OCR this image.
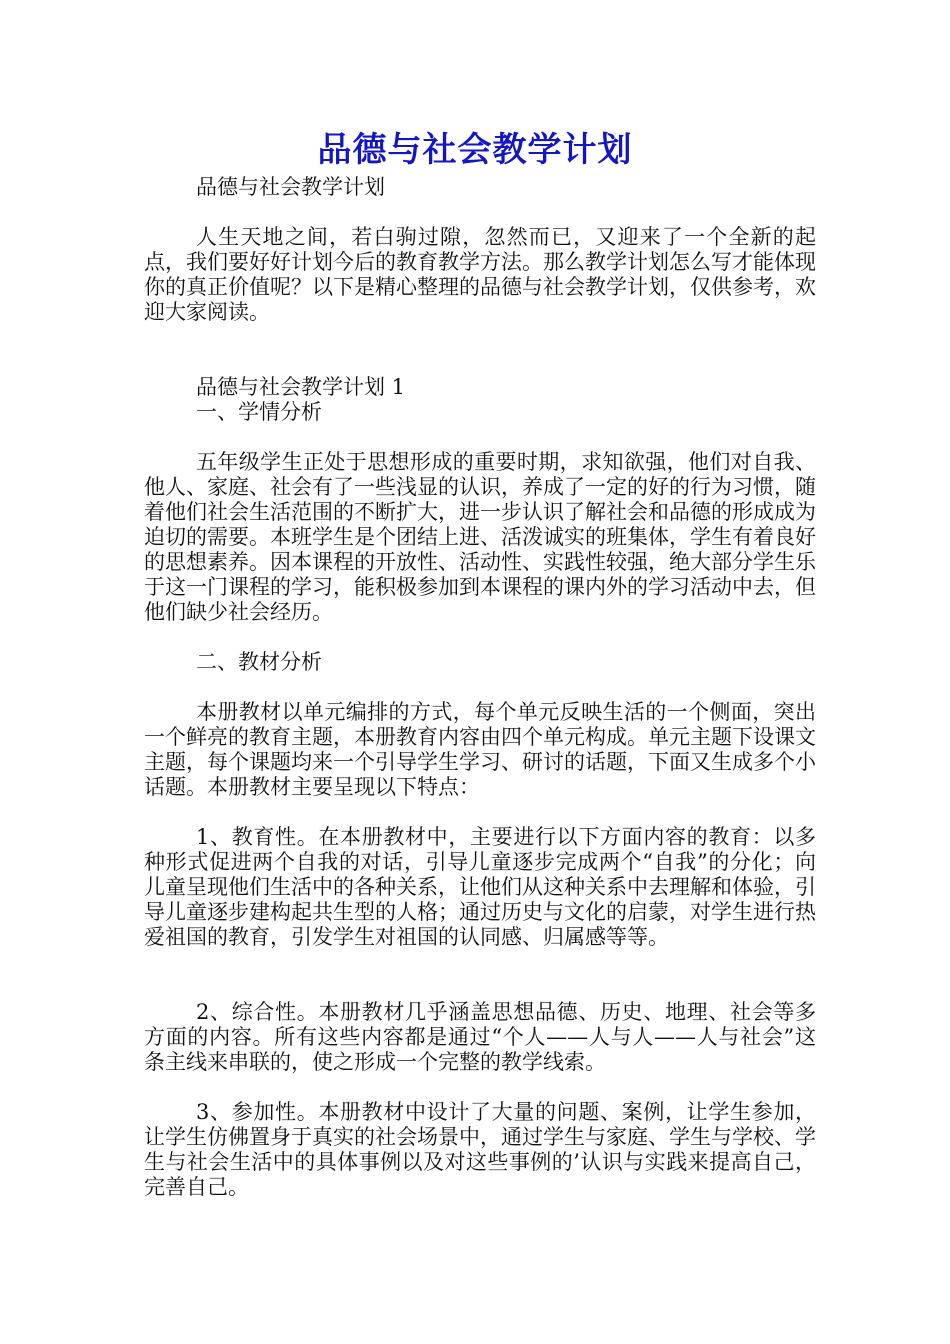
品德与社会教学计划

品德与社会教学计划

人生天地之间，若白驹过隙，忽然而已，又迎来了一个全新的起点，我们要好好计划今后的教育教学方法。那么教学计划怎么写才能体现你的真正价值呢？以下是精心整理的品德与社会教学计划，仅供参考，欢迎大家阅读。

品德与社会教学计划 1

一、学情分析

五年级学生正处于思想形成的重要时期，求知欲强，他们对自我、他人、家庭、社会有了一些浅显的认识，养成了一定的好的行为习惯，随着他们社会生活范围的不断扩大，进一步认识了解社会和品德的形成成为迫切的需要。本班学生是个团结上进、活泼诚实的班集体，学生有着良好的思想素养。因本课程的开放性、活动性、实践性较强，绝大部分学生乐于这一门课程的学习，能积极参加到本课程的课内外的学习活动中去，但他们缺少社会经历。

二、教材分析

本册教材以单元编排的方式，每个单元反映生活的一个侧面，突出一个鲜亮的教育主题，本册教育内容由四个单元构成。单元主题下设课文主题，每个课题均来一个引导学生学习、研讨的话题，下面又生成多个小话题。本册教材主要呈现以下特点：

1、教育性。在本册教材中，主要进行以下方面内容的教育：以多种形式促进两个自我的对话，引导儿童逐步完成两个“自我”的分化；向儿童呈现他们生活中的各种关系，让他们从这种关系中去理解和体验，引导儿童逐步建构起共生型的人格；通过历史与文化的启蒙，对学生进行热爱祖国的教育，引发学生对祖国的认同感、归属感等等。

2、综合性。本册教材几乎涵盖思想品德、历史、地理、社会等多方面的内容。所有这些内容都是通过“个人——人与人——人与社会”这条主线来串联的，使之形成一个完整的教学线索。

3、参加性。本册教材中设计了大量的问题、案例，让学生参加，让学生仿佛置身于真实的社会场景中，通过学生与家庭、学生与学校、学生与社会生活中的具体事例以及对这些事例的’认识与实践来提高自己，完善自己。
